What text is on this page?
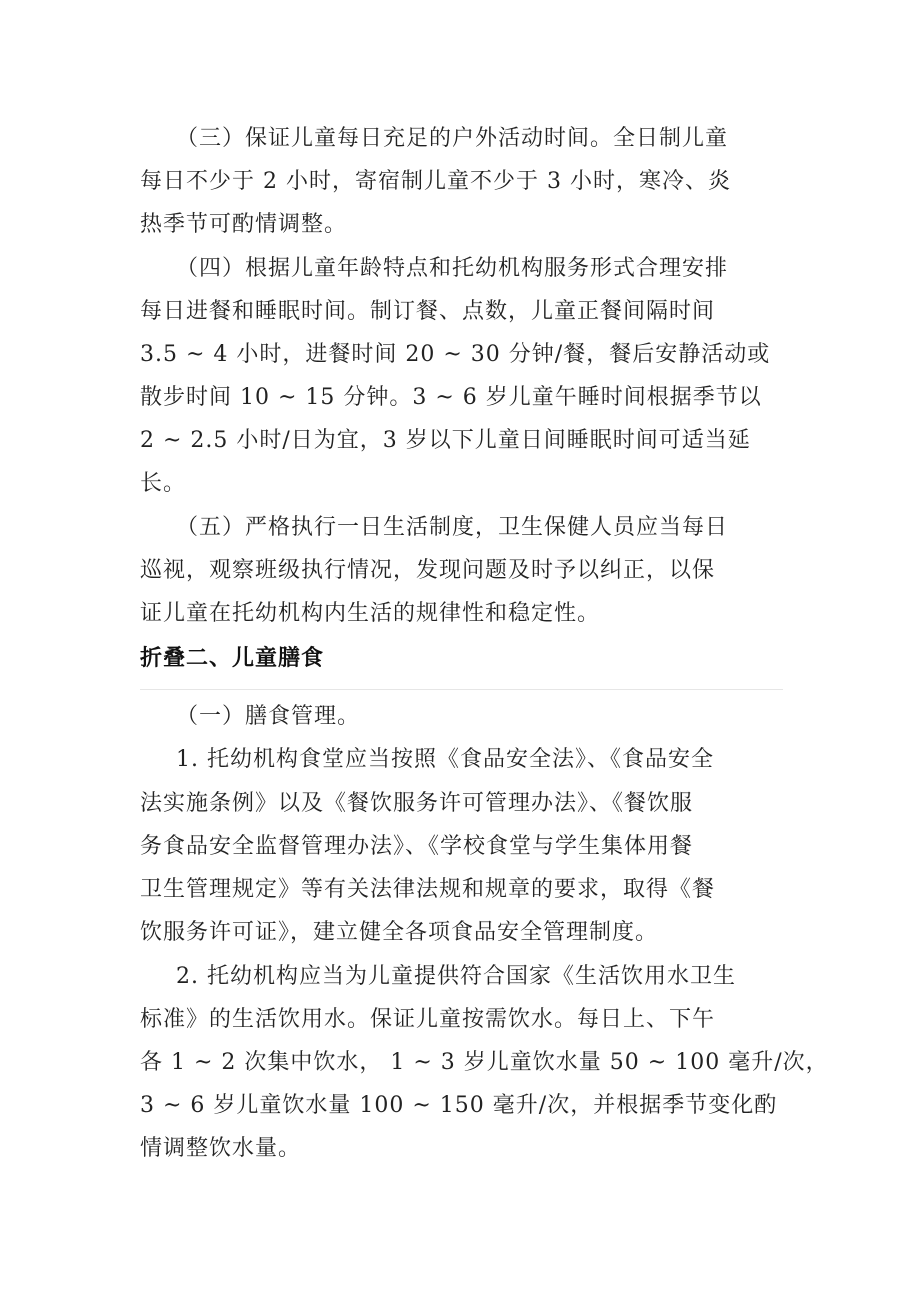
（三）保证儿童每日充足的户外活动时间。全日制儿童
每日不少于 2 小时，寄宿制儿童不少于 3 小时，寒冷、炎
热季节可酌情调整。
（四）根据儿童年龄特点和托幼机构服务形式合理安排
每日进餐和睡眠时间。制订餐、点数，儿童正餐间隔时间
3.5 ~ 4 小时，进餐时间 20 ~ 30 分钟/餐，餐后安静活动或
散步时间 10 ~ 15 分钟。3 ~ 6 岁儿童午睡时间根据季节以
2 ~ 2.5 小时/日为宜，3 岁以下儿童日间睡眠时间可适当延
长。
（五）严格执行一日生活制度，卫生保健人员应当每日
巡视，观察班级执行情况，发现问题及时予以纠正，以保
证儿童在托幼机构内生活的规律性和稳定性。
折叠二、儿童膳食
（一）膳食管理。
1. 托幼机构食堂应当按照《食品安全法》、《食品安全
法实施条例》以及《餐饮服务许可管理办法》、《餐饮服
务食品安全监督管理办法》、《学校食堂与学生集体用餐
卫生管理规定》等有关法律法规和规章的要求，取得《餐
饮服务许可证》，建立健全各项食品安全管理制度。
2. 托幼机构应当为儿童提供符合国家《生活饮用水卫生
标准》的生活饮用水。保证儿童按需饮水。每日上、下午
各 1 ~ 2 次集中饮水， 1 ~ 3 岁儿童饮水量 50 ~ 100 毫升/次，
3 ~ 6 岁儿童饮水量 100 ~ 150 毫升/次，并根据季节变化酌
情调整饮水量。
